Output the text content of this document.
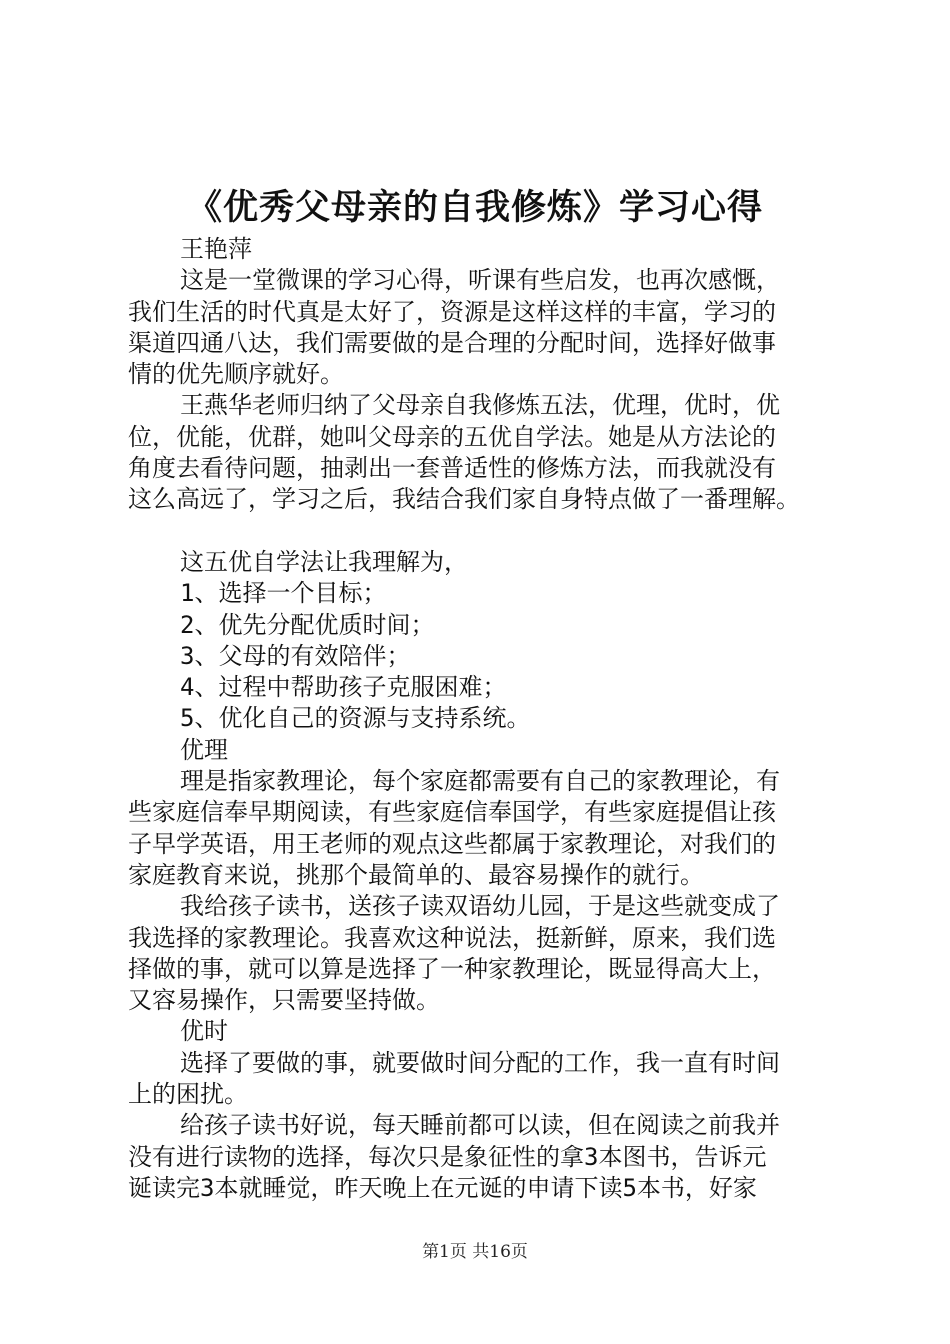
《优秀父母亲的自我修炼》学习心得
王艳萍
这是一堂微课的学习心得，听课有些启发，也再次感慨，
我们生活的时代真是太好了，资源是这样这样的丰富，学习的
渠道四通八达，我们需要做的是合理的分配时间，选择好做事
情的优先顺序就好。
王燕华老师归纳了父母亲自我修炼五法，优理，优时，优
位，优能，优群，她叫父母亲的五优自学法。她是从方法论的
角度去看待问题，抽剥出一套普适性的修炼方法，而我就没有
这么高远了，学习之后，我结合我们家自身特点做了一番理解。
这五优自学法让我理解为，
1、选择一个目标；
2、优先分配优质时间；
3、父母的有效陪伴；
4、过程中帮助孩子克服困难；
5、优化自己的资源与支持系统。
优理
理是指家教理论，每个家庭都需要有自己的家教理论，有
些家庭信奉早期阅读，有些家庭信奉国学，有些家庭提倡让孩
子早学英语，用王老师的观点这些都属于家教理论，对我们的
家庭教育来说，挑那个最简单的、最容易操作的就行。
我给孩子读书，送孩子读双语幼儿园，于是这些就变成了
我选择的家教理论。我喜欢这种说法，挺新鲜，原来，我们选
择做的事，就可以算是选择了一种家教理论，既显得高大上，
又容易操作，只需要坚持做。
优时
选择了要做的事，就要做时间分配的工作，我一直有时间
上的困扰。
给孩子读书好说，每天睡前都可以读，但在阅读之前我并
没有进行读物的选择，每次只是象征性的拿3本图书，告诉元
诞读完3本就睡觉，昨天晚上在元诞的申请下读5本书，好家
第1页 共16页
